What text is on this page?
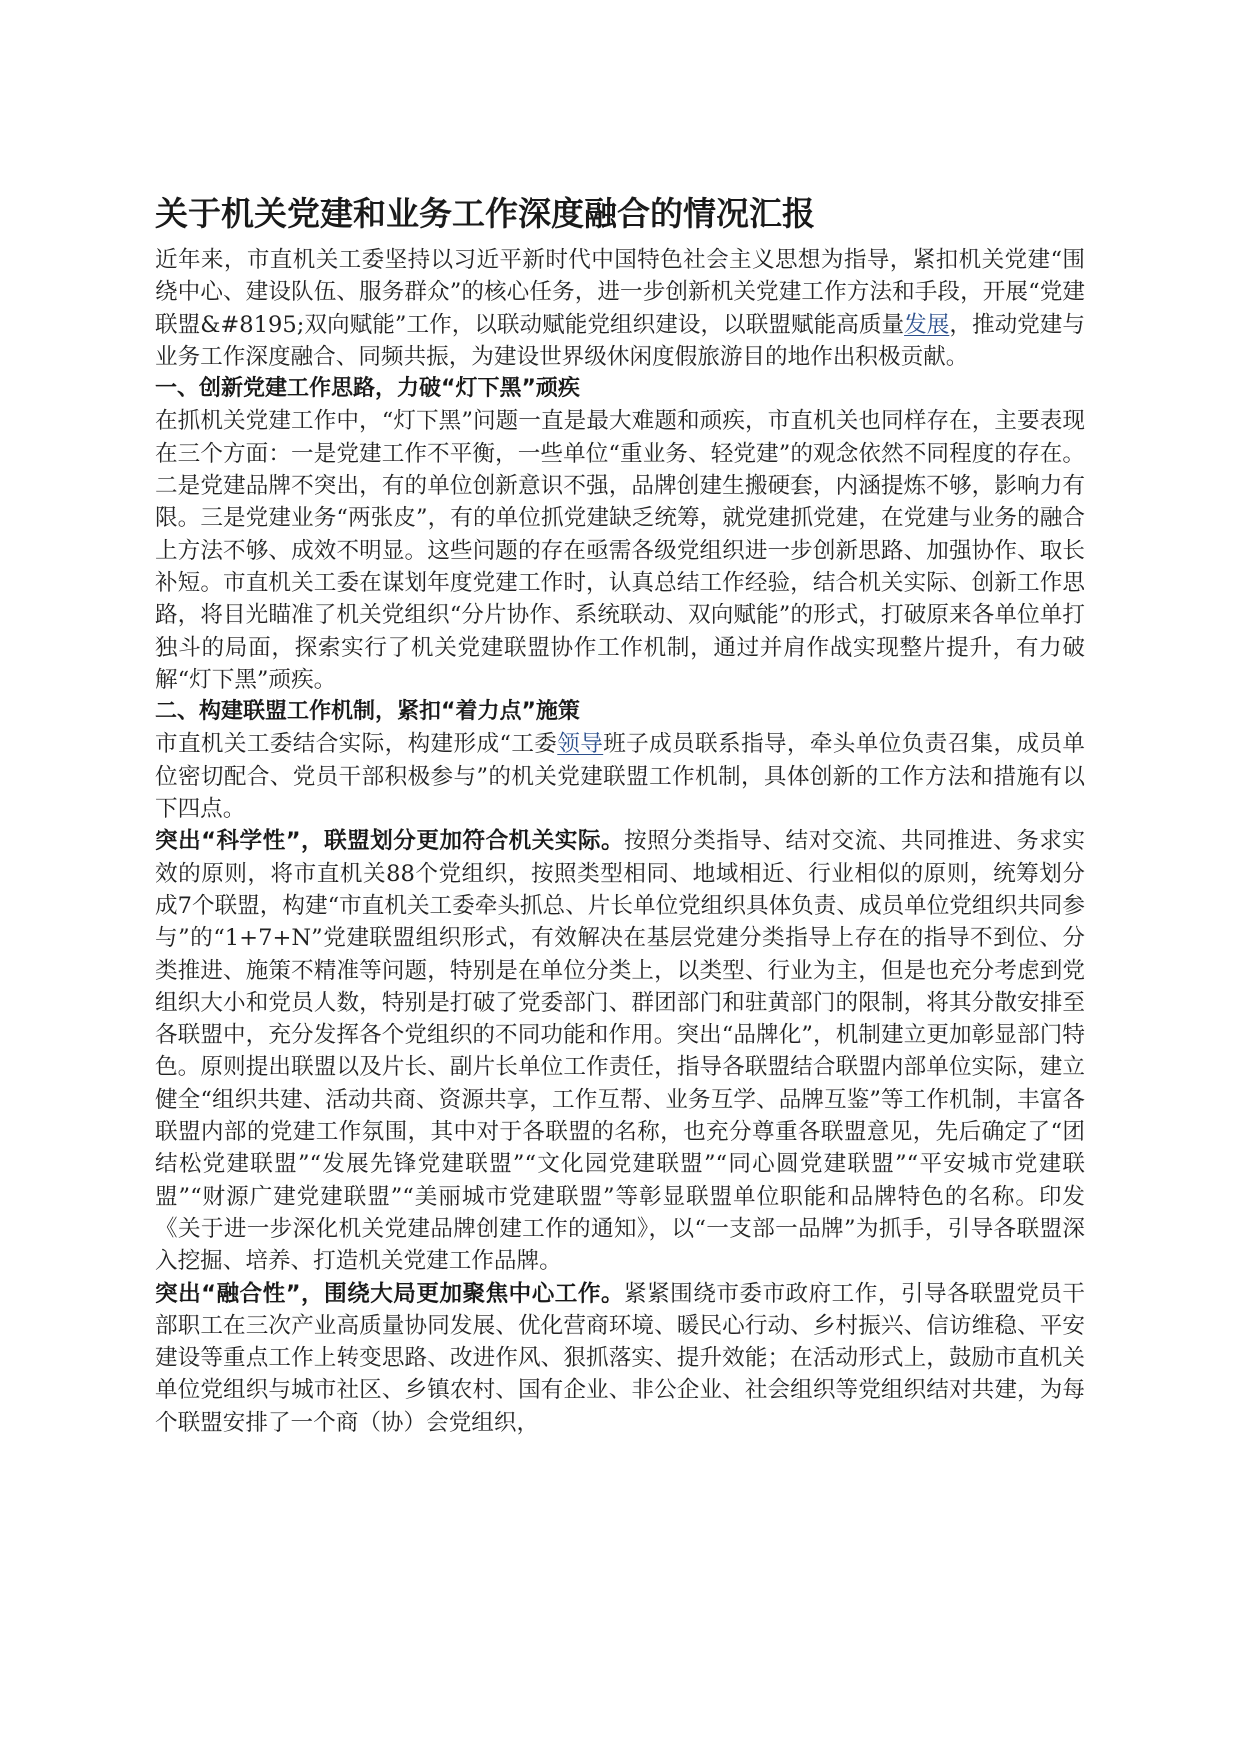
关于机关党建和业务工作深度融合的情况汇报

近年来，市直机关工委坚持以习近平新时代中国特色社会主义思想为指导，紧扣机关党建“围绕中心、建设队伍、服务群众”的核心任务，进一步创新机关党建工作方法和手段，开展“党建联盟&#8195;双向赋能”工作，以联动赋能党组织建设，以联盟赋能高质量发展，推动党建与业务工作深度融合、同频共振，为建设世界级休闲度假旅游目的地作出积极贡献。

一、创新党建工作思路，力破“灯下黑”顽疾

在抓机关党建工作中，“灯下黑”问题一直是最大难题和顽疾，市直机关也同样存在，主要表现在三个方面：一是党建工作不平衡，一些单位“重业务、轻党建”的观念依然不同程度的存在。二是党建品牌不突出，有的单位创新意识不强，品牌创建生搬硬套，内涵提炼不够，影响力有限。三是党建业务“两张皮”，有的单位抓党建缺乏统筹，就党建抓党建，在党建与业务的融合上方法不够、成效不明显。这些问题的存在亟需各级党组织进一步创新思路、加强协作、取长补短。市直机关工委在谋划年度党建工作时，认真总结工作经验，结合机关实际、创新工作思路，将目光瞄准了机关党组织“分片协作、系统联动、双向赋能”的形式，打破原来各单位单打独斗的局面，探索实行了机关党建联盟协作工作机制，通过并肩作战实现整片提升，有力破解“灯下黑”顽疾。

二、构建联盟工作机制，紧扣“着力点”施策

市直机关工委结合实际，构建形成“工委领导班子成员联系指导，牵头单位负责召集，成员单位密切配合、党员干部积极参与”的机关党建联盟工作机制，具体创新的工作方法和措施有以下四点。

突出“科学性”，联盟划分更加符合机关实际。按照分类指导、结对交流、共同推进、务求实效的原则，将市直机关88个党组织，按照类型相同、地域相近、行业相似的原则，统筹划分成7个联盟，构建“市直机关工委牵头抓总、片长单位党组织具体负责、成员单位党组织共同参与”的“1+7+N”党建联盟组织形式，有效解决在基层党建分类指导上存在的指导不到位、分类推进、施策不精准等问题，特别是在单位分类上，以类型、行业为主，但是也充分考虑到党组织大小和党员人数，特别是打破了党委部门、群团部门和驻黄部门的限制，将其分散安排至各联盟中，充分发挥各个党组织的不同功能和作用。突出“品牌化”，机制建立更加彰显部门特色。原则提出联盟以及片长、副片长单位工作责任，指导各联盟结合联盟内部单位实际，建立健全“组织共建、活动共商、资源共享，工作互帮、业务互学、品牌互鉴”等工作机制，丰富各联盟内部的党建工作氛围，其中对于各联盟的名称，也充分尊重各联盟意见，先后确定了“团结松党建联盟”“发展先锋党建联盟”“文化园党建联盟”“同心圆党建联盟”“平安城市党建联盟”“财源广建党建联盟”“美丽城市党建联盟”等彰显联盟单位职能和品牌特色的名称。印发《关于进一步深化机关党建品牌创建工作的通知》，以“一支部一品牌”为抓手，引导各联盟深入挖掘、培养、打造机关党建工作品牌。

突出“融合性”，围绕大局更加聚焦中心工作。紧紧围绕市委市政府工作，引导各联盟党员干部职工在三次产业高质量协同发展、优化营商环境、暖民心行动、乡村振兴、信访维稳、平安建设等重点工作上转变思路、改进作风、狠抓落实、提升效能；在活动形式上，鼓励市直机关单位党组织与城市社区、乡镇农村、国有企业、非公企业、社会组织等党组织结对共建，为每个联盟安排了一个商（协）会党组织，
